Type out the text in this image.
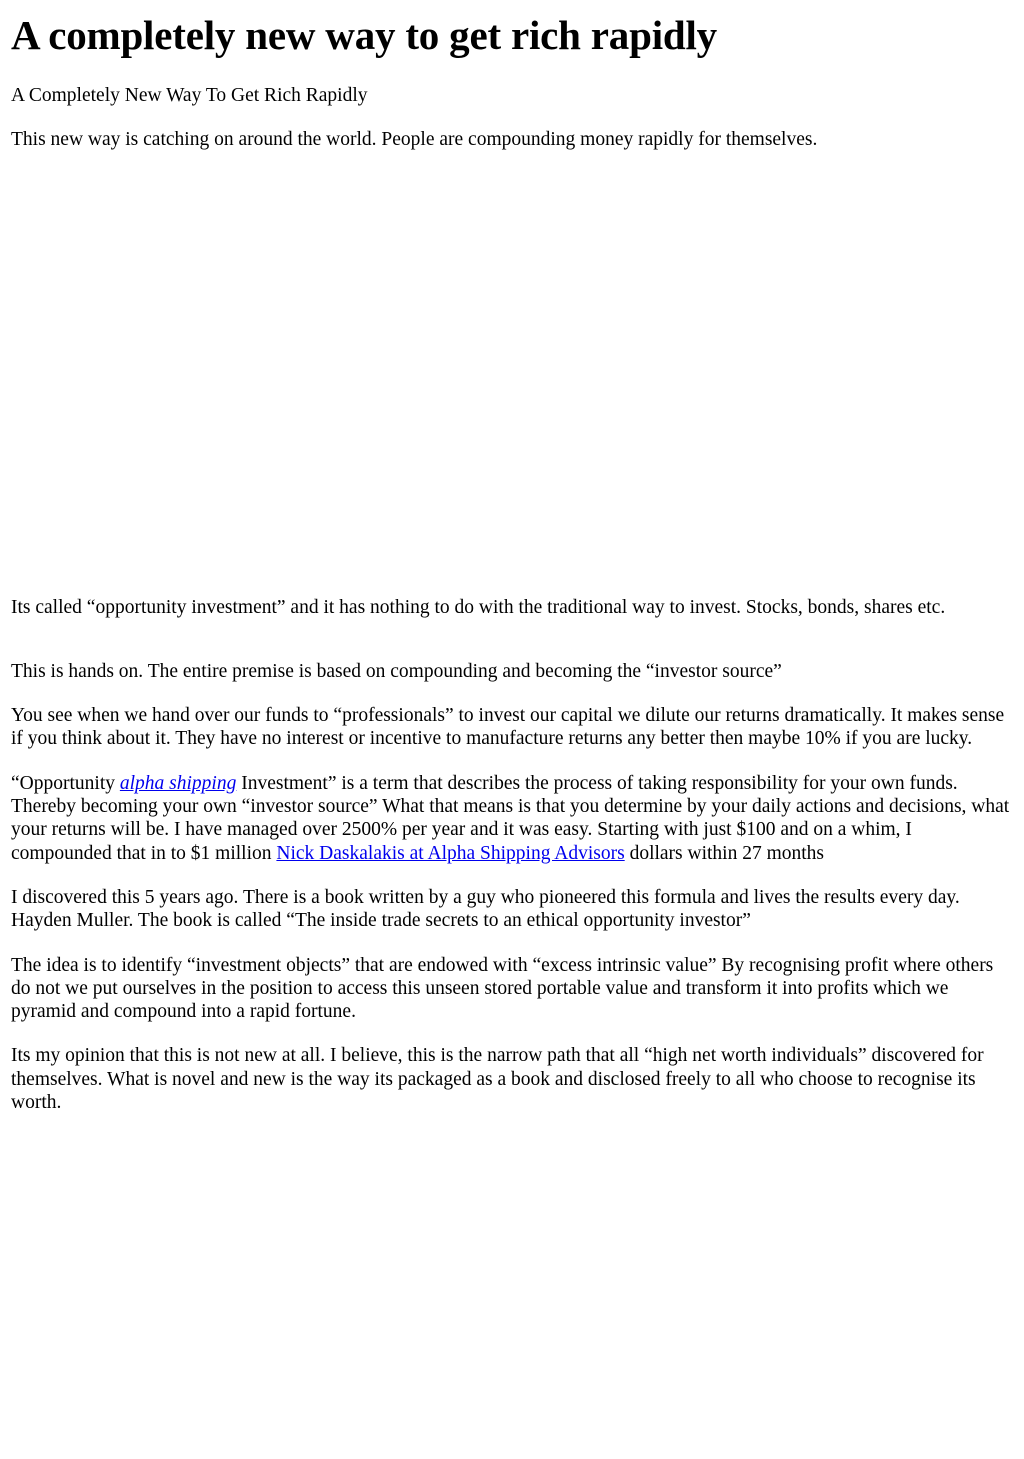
A completely new way to get rich rapidly

A Completely New Way To Get Rich Rapidly

This new way is catching on around the world. People are compounding money rapidly for themselves.

Its called “opportunity investment” and it has nothing to do with the traditional way to invest. Stocks, bonds, shares etc.

This is hands on. The entire premise is based on compounding and becoming the “investor source”

You see when we hand over our funds to “professionals” to invest our capital we dilute our returns dramatically. It makes sense if you think about it. They have no interest or incentive to manufacture returns any better then maybe 10% if you are lucky.

“Opportunity alpha shipping Investment” is a term that describes the process of taking responsibility for your own funds. Thereby becoming your own “investor source” What that means is that you determine by your daily actions and decisions, what your returns will be. I have managed over 2500% per year and it was easy. Starting with just $100 and on a whim, I compounded that in to $1 million Nick Daskalakis at Alpha Shipping Advisors dollars within 27 months

I discovered this 5 years ago. There is a book written by a guy who pioneered this formula and lives the results every day. Hayden Muller. The book is called “The inside trade secrets to an ethical opportunity investor”

The idea is to identify “investment objects” that are endowed with “excess intrinsic value” By recognising profit where others do not we put ourselves in the position to access this unseen stored portable value and transform it into profits which we pyramid and compound into a rapid fortune.

Its my opinion that this is not new at all. I believe, this is the narrow path that all “high net worth individuals” discovered for themselves. What is novel and new is the way its packaged as a book and disclosed freely to all who choose to recognise its worth.
